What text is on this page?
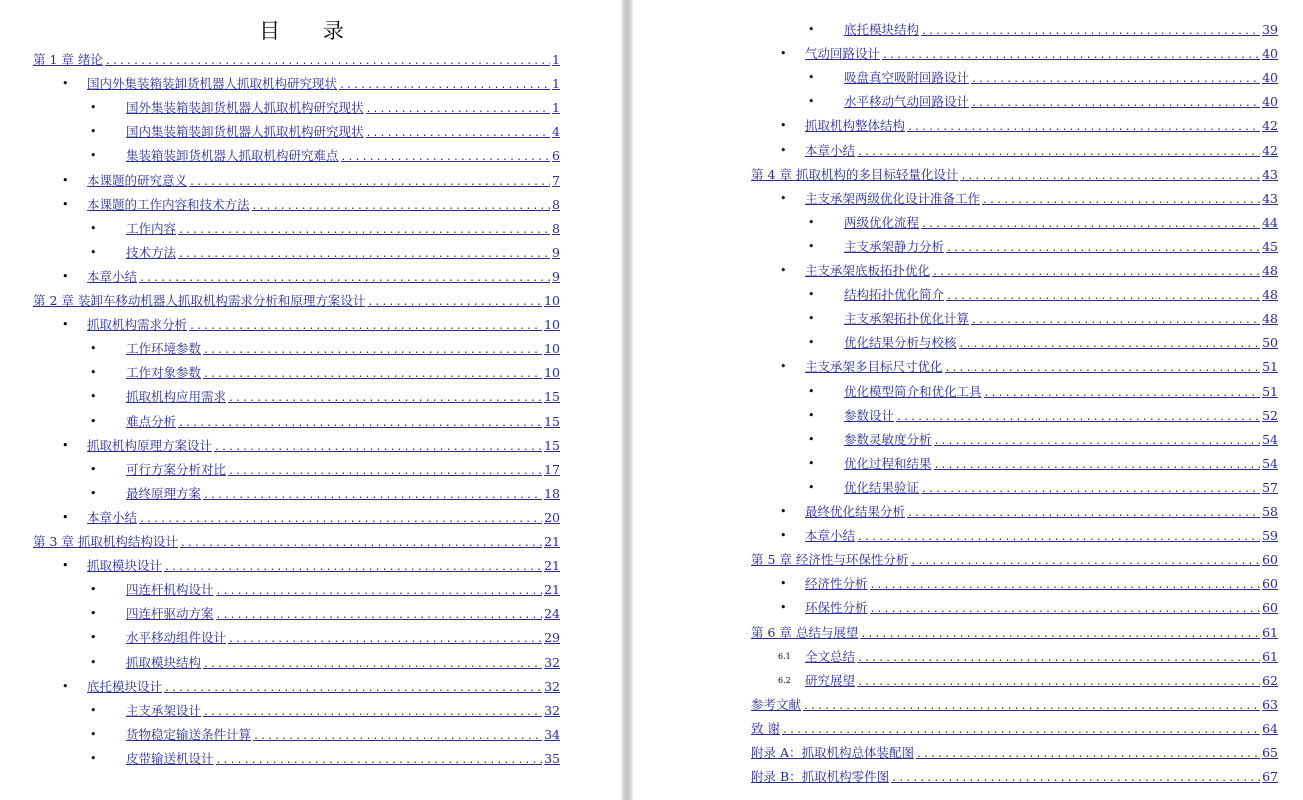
目 录
第 1 章 绪论 .....	1
• 国内外集装箱装卸货机器人抓取机构研究现状 .....	1
• 国外集装箱装卸货机器人抓取机构研究现状 .....	1
• 国内集装箱装卸货机器人抓取机构研究现状 .....	4
• 集装箱装卸货机器人抓取机构研究难点 .....	6
• 本课题的研究意义 .....	7
• 本课题的工作内容和技术方法 .....	8
• 工作内容 .....	8
• 技术方法 .....	9
• 本章小结 .....	9
第 2 章 装卸车移动机器人抓取机构需求分析和原理方案设计 .....	10
• 抓取机构需求分析 .....	10
• 工作环境参数 .....	10
• 工作对象参数 .....	10
• 抓取机构应用需求 .....	15
• 难点分析 .....	15
• 抓取机构原理方案设计 .....	15
• 可行方案分析对比 .....	17
• 最终原理方案 .....	18
• 本章小结 .....	20
第 3 章 抓取机构结构设计 .....	21
• 抓取模块设计 .....	21
• 四连杆机构设计 .....	21
• 四连杆驱动方案 .....	24
• 水平移动组件设计 .....	29
• 抓取模块结构 .....	32
• 底托模块设计 .....	32
• 主支承架设计 .....	32
• 货物稳定输送条件计算 .....	34
• 皮带输送机设计 .....	35
• 底托模块结构 .....	39
• 气动回路设计 .....	40
• 吸盘真空吸附回路设计 .....	40
• 水平移动气动回路设计 .....	40
• 抓取机构整体结构 .....	42
• 本章小结 .....	42
第 4 章 抓取机构的多目标轻量化设计 .....	43
• 主支承架两级优化设计准备工作 .....	43
• 两级优化流程 .....	44
• 主支承架静力分析 .....	45
• 主支承架底板拓扑优化 .....	48
• 结构拓扑优化简介 .....	48
• 主支承架拓扑优化计算 .....	48
• 优化结果分析与校核 .....	50
• 主支承架多目标尺寸优化 .....	51
• 优化模型简介和优化工具 .....	51
• 参数设计 .....	52
• 参数灵敏度分析 .....	54
• 优化过程和结果 .....	54
• 优化结果验证 .....	57
• 最终优化结果分析 .....	58
• 本章小结 .....	59
第 5 章 经济性与环保性分析 .....	60
• 经济性分析 .....	60
• 环保性分析 .....	60
第 6 章 总结与展望 .....	61
6.1 全文总结 .....	61
6.2 研究展望 .....	62
参考文献 .....	63
致 谢 .....	64
附录 A：抓取机构总体装配图 .....	65
附录 B：抓取机构零件图 .....	67
